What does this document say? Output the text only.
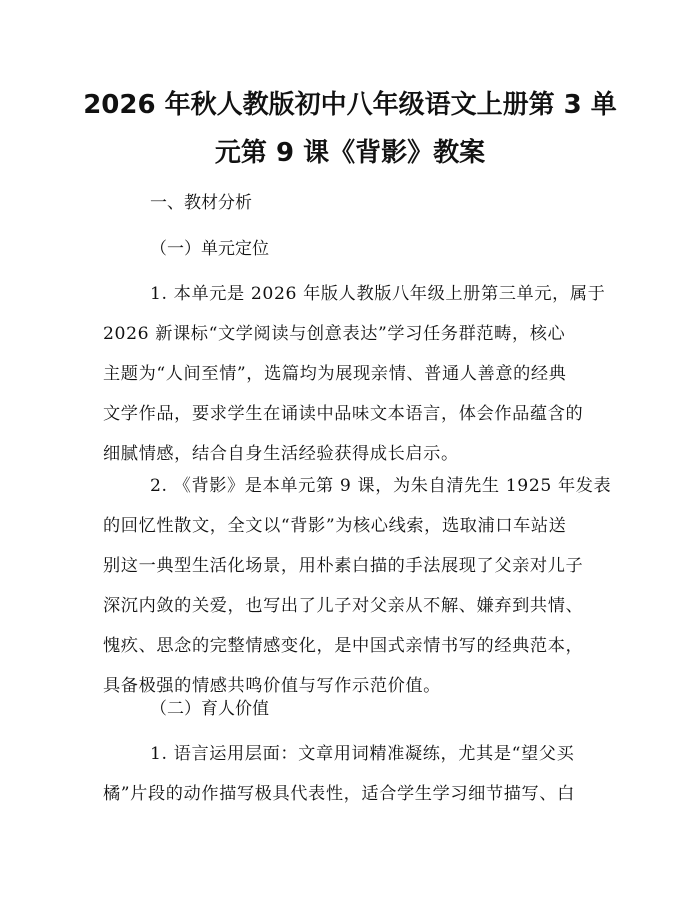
2026 年秋人教版初中八年级语文上册第 3 单
元第 9 课《背影》教案
一、教材分析
（一）单元定位
1. 本单元是 2026 年版人教版八年级上册第三单元，属于
2026 新课标“文学阅读与创意表达”学习任务群范畴，核心
主题为“人间至情”，选篇均为展现亲情、普通人善意的经典
文学作品，要求学生在诵读中品味文本语言，体会作品蕴含的
细腻情感，结合自身生活经验获得成长启示。
2. 《背影》是本单元第 9 课，为朱自清先生 1925 年发表
的回忆性散文，全文以“背影”为核心线索，选取浦口车站送
别这一典型生活化场景，用朴素白描的手法展现了父亲对儿子
深沉内敛的关爱，也写出了儿子对父亲从不解、嫌弃到共情、
愧疚、思念的完整情感变化，是中国式亲情书写的经典范本，
具备极强的情感共鸣价值与写作示范价值。
（二）育人价值
1. 语言运用层面：文章用词精准凝练，尤其是“望父买
橘”片段的动作描写极具代表性，适合学生学习细节描写、白
